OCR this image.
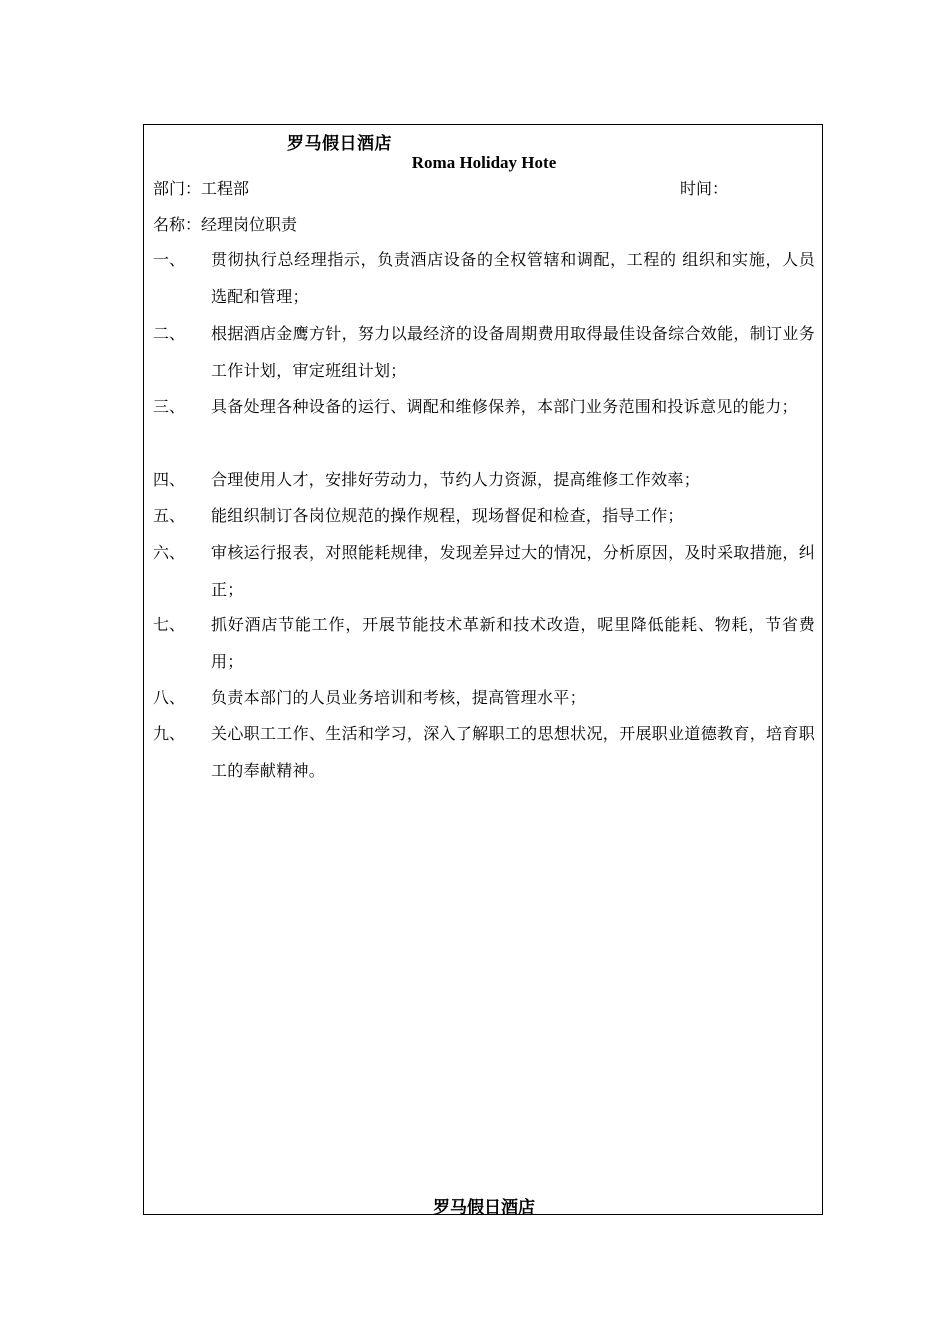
罗马假日酒店
Roma Holiday Hote
部门：工程部	时间：
名称：经理岗位职责
一、	贯彻执行总经理指示，负责酒店设备的全权管辖和调配，工程的 组织和实施，人员选配和管理；
二、	根据酒店金鹰方针，努力以最经济的设备周期费用取得最佳设备综合效能，制订业务工作计划，审定班组计划；
三、	具备处理各种设备的运行、调配和维修保养，本部门业务范围和投诉意见的能力；
四、	合理使用人才，安排好劳动力，节约人力资源，提高维修工作效率；
五、	能组织制订各岗位规范的操作规程，现场督促和检查，指导工作；
六、	审核运行报表，对照能耗规律，发现差异过大的情况，分析原因，及时采取措施，纠正；
七、	抓好酒店节能工作，开展节能技术革新和技术改造，呢里降低能耗、物耗，节省费用；
八、	负责本部门的人员业务培训和考核，提高管理水平；
九、	关心职工工作、生活和学习，深入了解职工的思想状况，开展职业道德教育，培育职工的奉献精神。
罗马假日酒店
